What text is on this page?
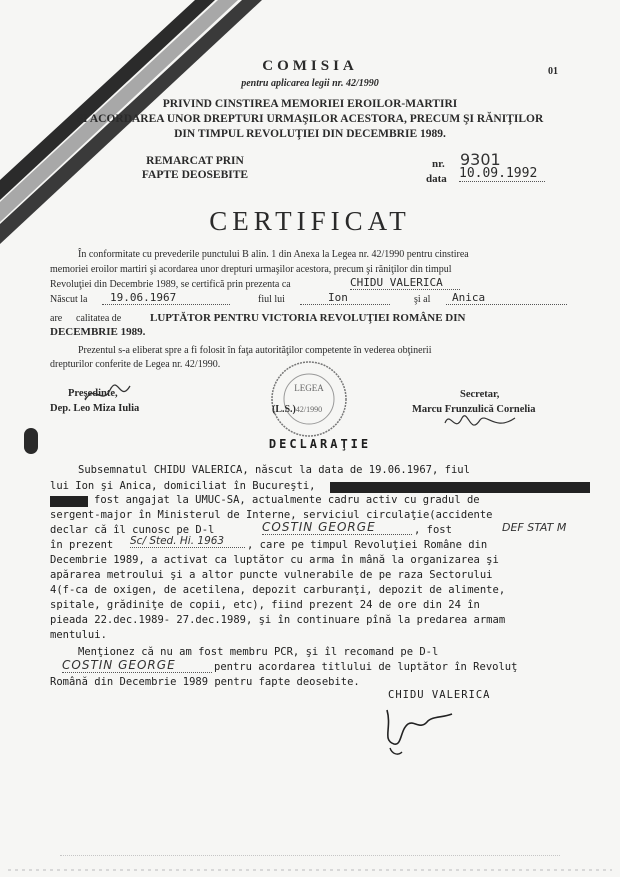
COMISIA
pentru aplicarea legii nr. 42/1990
01
PRIVIND CINSTIREA MEMORIEI EROILOR-MARTIRI
ŞI ACORDAREA UNOR DREPTURI URMAŞILOR ACESTORA, PRECUM ŞI RĂNIŢILOR
DIN TIMPUL REVOLUŢIEI DIN DECEMBRIE 1989.
REMARCAT PRIN
FAPTE DEOSEBITE
nr. 9301
data 10.09.1992
CERTIFICAT
În conformitate cu prevederile punctului B alin. 1 din Anexa la Legea nr. 42/1990 pentru cinstirea
memoriei eroilor martiri şi acordarea unor drepturi urmaşilor acestora, precum şi răniţilor din timpul
Revoluţiei din Decembrie 1989, se certifică prin prezenta ca	CHIDU VALERICA
Născut la	19.06.1967	fiul lui	Ion	şi al	Anica
are calitatea de	LUPTĂTOR PENTRU VICTORIA REVOLUŢIEI ROMÂNE DIN
DECEMBRIE 1989.
Prezentul s-a eliberat spre a fi folosit în faţa autorităţilor competente în vederea obţinerii
drepturilor conferite de Legea nr. 42/1990.
Preşedinte,
Dep. Leo Miza Iulia
LEGEA
42/1990
(L.S.)
Secretar,
Marcu Frunzulică Cornelia
DECLARAŢIE
Subsemnatul CHIDU VALERICA, născut la data de 19.06.1967, fiul
lui Ion şi Anica, domiciliat în Bucureşti,
fost angajat la UMUC-SA, actualmente cadru activ cu gradul de
sergent-major în Ministerul de Interne, serviciul circulaţie(accidente
declar că îl cunosc pe D-l	COSTIN GEORGE	, fost	DEF STAT M
în prezent Sc/ Sted. Hi. 1963	, care pe timpul Revoluţiei Române din
Decembrie 1989, a activat ca luptător cu arma în mână la organizarea şi
apărarea metroului şi a altor puncte vulnerabile de pe raza Sectorului
4(f-ca de oxigen, de acetilena, depozit carburanţi, depozit de alimente,
spitale, grădiniţe de copii, etc), fiind prezent 24 de ore din 24 în
pieada 22.dec.1989- 27.dec.1989, şi în continuare pînă la predarea armam
mentului.
Menţionez că nu am fost membru PCR, şi îl recomand pe D-l
COSTIN GEORGE	pentru acordarea titlului de luptător în Revoluţ
Română din Decembrie 1989 pentru fapte deosebite.
CHIDU VALERICA
